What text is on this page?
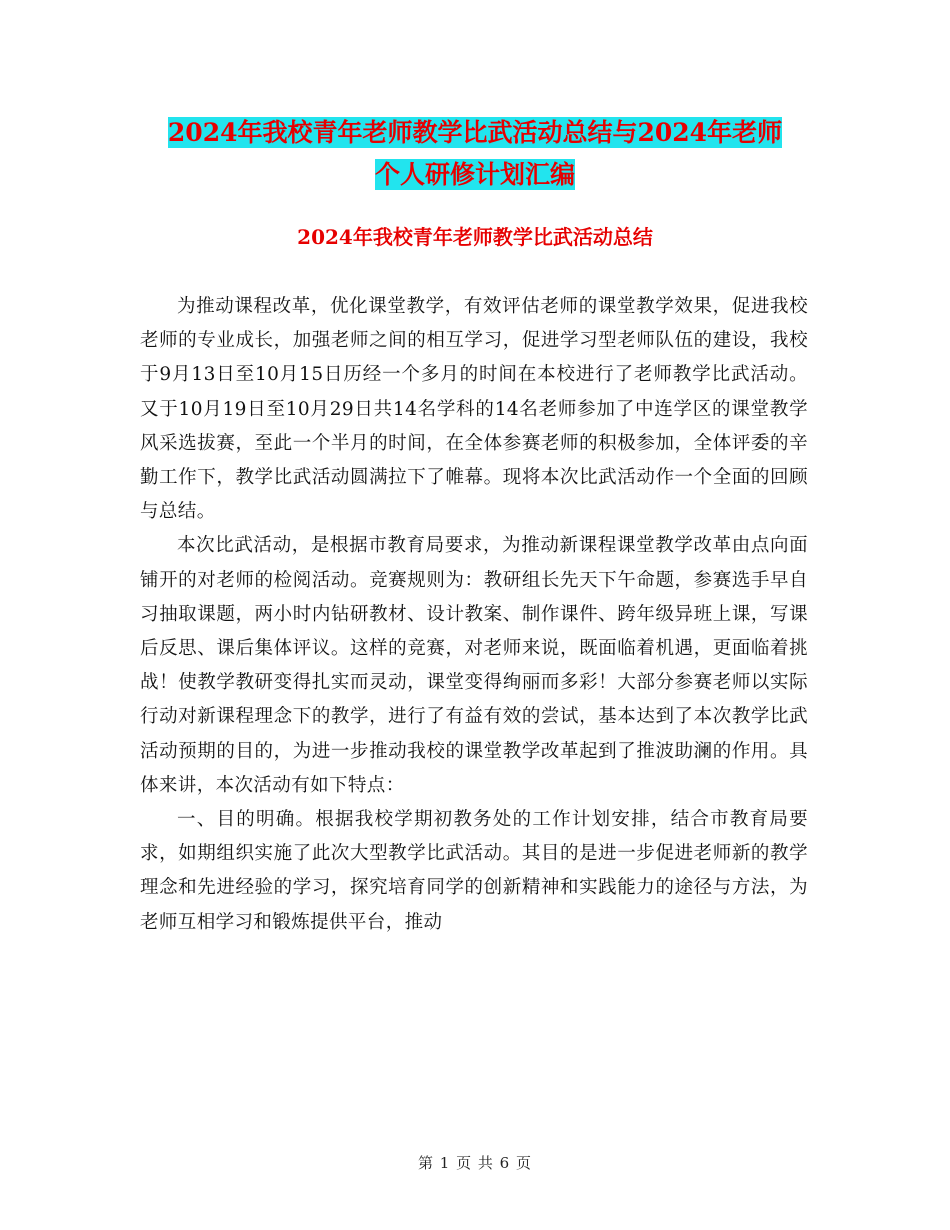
2024年我校青年老师教学比武活动总结与2024年老师
个人研修计划汇编
2024年我校青年老师教学比武活动总结

为推动课程改革，优化课堂教学，有效评估老师的课堂教学效果，促进我校老师的专业成长，加强老师之间的相互学习，促进学习型老师队伍的建设，我校于9月13日至10月15日历经一个多月的时间在本校进行了老师教学比武活动。又于10月19日至10月29日共14名学科的14名老师参加了中连学区的课堂教学风采选拔赛，至此一个半月的时间，在全体参赛老师的积极参加，全体评委的辛勤工作下，教学比武活动圆满拉下了帷幕。现将本次比武活动作一个全面的回顾与总结。

本次比武活动，是根据市教育局要求，为推动新课程课堂教学改革由点向面铺开的对老师的检阅活动。竞赛规则为：教研组长先天下午命题，参赛选手早自习抽取课题，两小时内钻研教材、设计教案、制作课件、跨年级异班上课，写课后反思、课后集体评议。这样的竞赛，对老师来说，既面临着机遇，更面临着挑战！使教学教研变得扎实而灵动，课堂变得绚丽而多彩！大部分参赛老师以实际行动对新课程理念下的教学，进行了有益有效的尝试，基本达到了本次教学比武活动预期的目的，为进一步推动我校的课堂教学改革起到了推波助澜的作用。具体来讲，本次活动有如下特点：

一、目的明确。根据我校学期初教务处的工作计划安排，结合市教育局要求，如期组织实施了此次大型教学比武活动。其目的是进一步促进老师新的教学理念和先进经验的学习，探究培育同学的创新精神和实践能力的途径与方法，为老师互相学习和锻炼提供平台，推动

第 1 页 共 6 页
